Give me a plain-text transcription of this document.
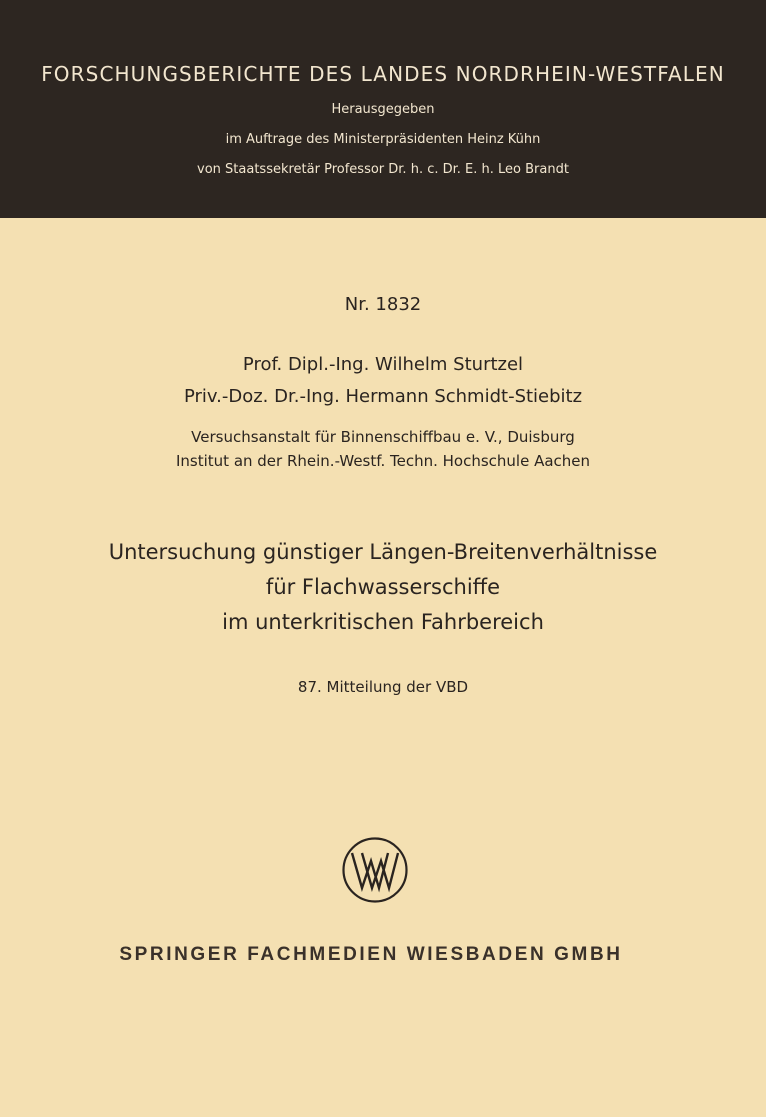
FORSCHUNGSBERICHTE DES LANDES NORDRHEIN-WESTFALEN
Herausgegeben
im Auftrage des Ministerpräsidenten Heinz Kühn
von Staatssekretär Professor Dr. h. c. Dr. E. h. Leo Brandt
Nr. 1832
Prof. Dipl.-Ing. Wilhelm Sturtzel
Priv.-Doz. Dr.-Ing. Hermann Schmidt-Stiebitz
Versuchsanstalt für Binnenschiffbau e. V., Duisburg
Institut an der Rhein.-Westf. Techn. Hochschule Aachen
Untersuchung günstiger Längen-Breitenverhältnisse
für Flachwasserschiffe
im unterkritischen Fahrbereich
87. Mitteilung der VBD
SPRINGER FACHMEDIEN WIESBADEN GMBH
